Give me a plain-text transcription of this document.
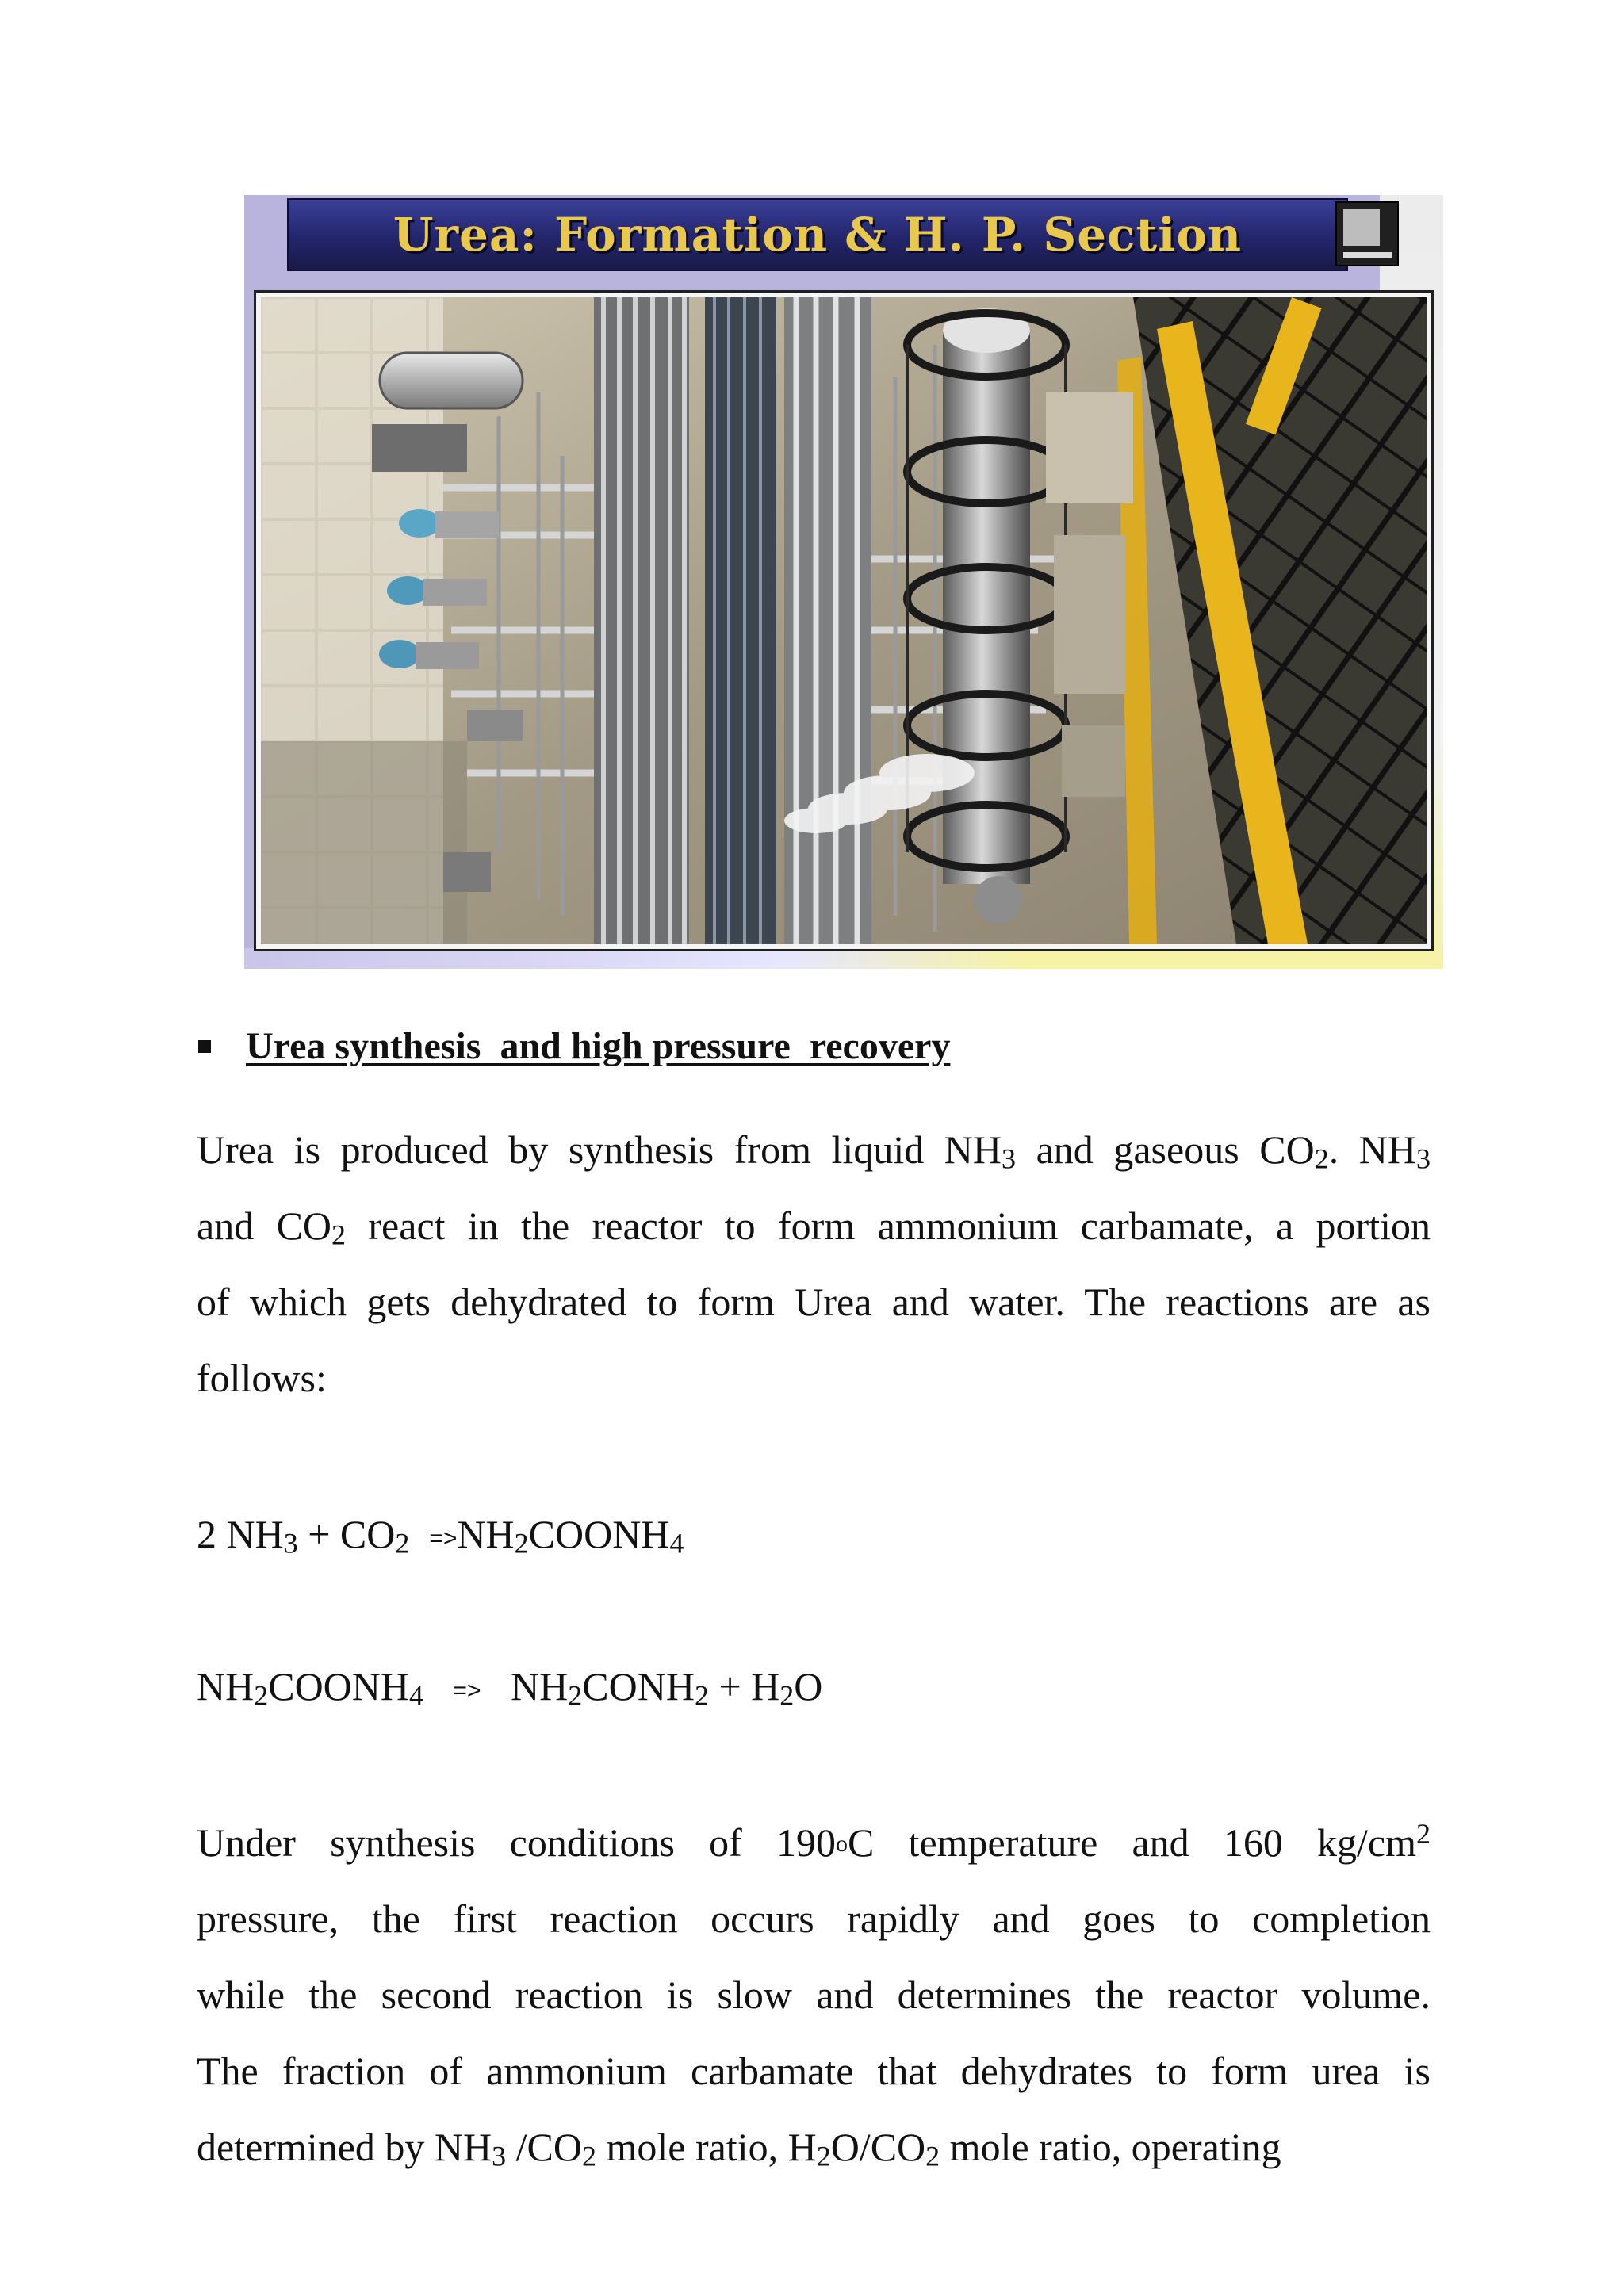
Urea: Formation & H. P. Section
Urea synthesis  and high pressure  recovery

Urea is produced by synthesis from liquid $NH_3$ and gaseous $CO_2$. $NH_3$
and $CO_2$ react in the reactor to form ammonium carbamate, a portion
of which gets dehydrated to form Urea and water. The reactions are as
follows:

2 $NH_3 + CO_2$ $=>NH_2COONH_4$
$NH_2COONH_4$ => $NH_2CONH_2 + H_2O$

Under synthesis conditions of 190oC temperature and 160 $kg/cm^2$
pressure, the first reaction occurs rapidly and goes to completion
while the second reaction is slow and determines the reactor volume.
The fraction of ammonium carbamate that dehydrates to form urea is
determined by $NH_3$ $/CO_2$ mole ratio, $H_2O/CO_2$ mole ratio, operating
